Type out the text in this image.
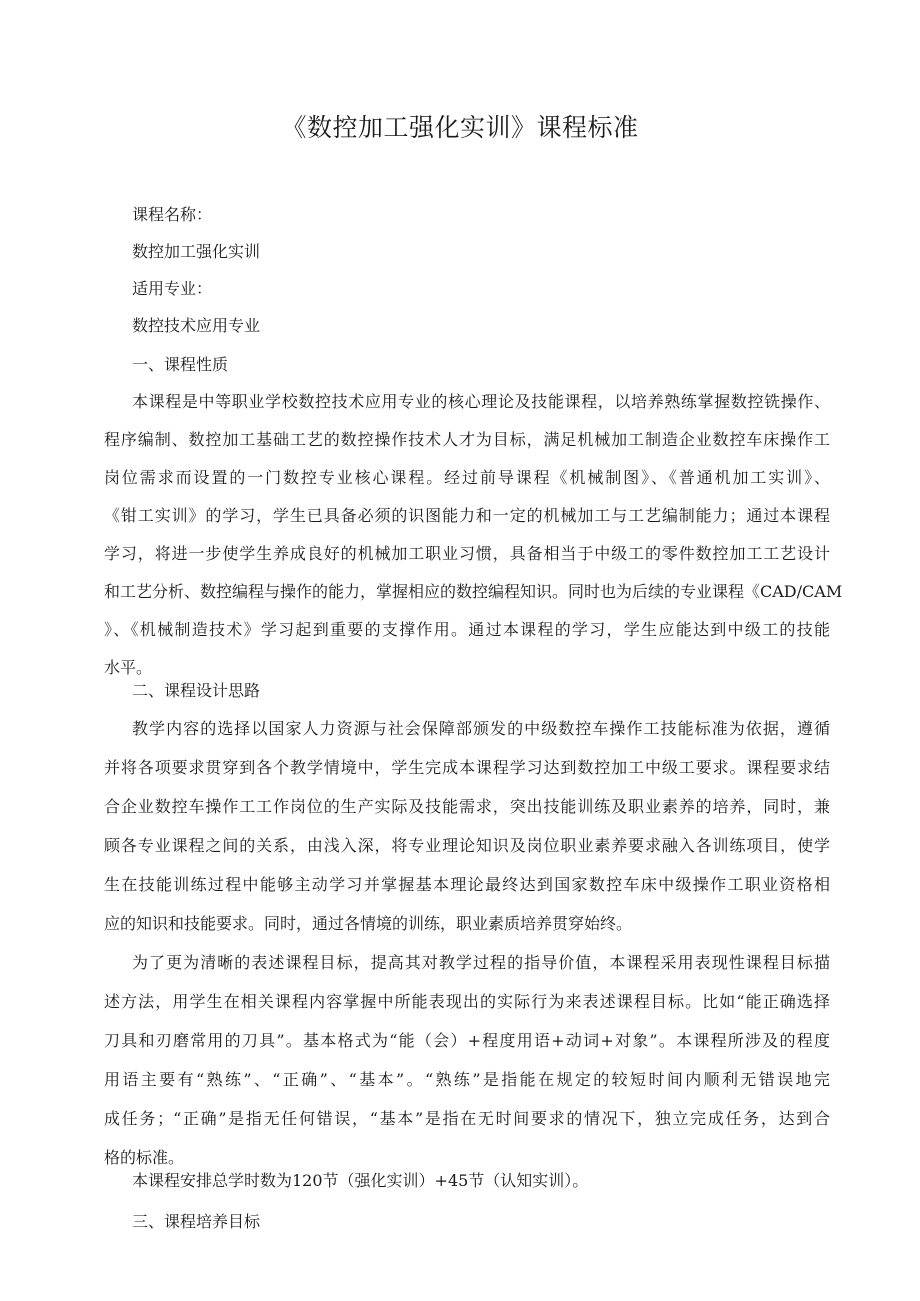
《数控加工强化实训》课程标准
课程名称：
数控加工强化实训
适用专业：
数控技术应用专业
一、课程性质
本课程是中等职业学校数控技术应用专业的核心理论及技能课程，以培养熟练掌握数控铣操作、
程序编制、数控加工基础工艺的数控操作技术人才为目标，满足机械加工制造企业数控车床操作工
岗位需求而设置的一门数控专业核心课程。经过前导课程《机械制图》、《普通机加工实训》、
《钳工实训》的学习，学生已具备必须的识图能力和一定的机械加工与工艺编制能力；通过本课程
学习，将进一步使学生养成良好的机械加工职业习惯，具备相当于中级工的零件数控加工工艺设计
和工艺分析、数控编程与操作的能力，掌握相应的数控编程知识。同时也为后续的专业课程《CAD/CAM
》、《机械制造技术》学习起到重要的支撑作用。通过本课程的学习，学生应能达到中级工的技能
水平。
二、课程设计思路
教学内容的选择以国家人力资源与社会保障部颁发的中级数控车操作工技能标准为依据，遵循
并将各项要求贯穿到各个教学情境中，学生完成本课程学习达到数控加工中级工要求。课程要求结
合企业数控车操作工工作岗位的生产实际及技能需求，突出技能训练及职业素养的培养，同时，兼
顾各专业课程之间的关系，由浅入深，将专业理论知识及岗位职业素养要求融入各训练项目，使学
生在技能训练过程中能够主动学习并掌握基本理论最终达到国家数控车床中级操作工职业资格相
应的知识和技能要求。同时，通过各情境的训练，职业素质培养贯穿始终。
为了更为清晰的表述课程目标，提高其对教学过程的指导价值，本课程采用表现性课程目标描
述方法，用学生在相关课程内容掌握中所能表现出的实际行为来表述课程目标。比如“能正确选择
刀具和刃磨常用的刀具”。基本格式为“能（会）+程度用语+动词+对象”。本课程所涉及的程度
用语主要有“熟练”、“正确”、“基本”。“熟练”是指能在规定的较短时间内顺利无错误地完
成任务；“正确”是指无任何错误，“基本”是指在无时间要求的情况下，独立完成任务，达到合
格的标准。
本课程安排总学时数为120节（强化实训）+45节（认知实训）。
三、课程培养目标
